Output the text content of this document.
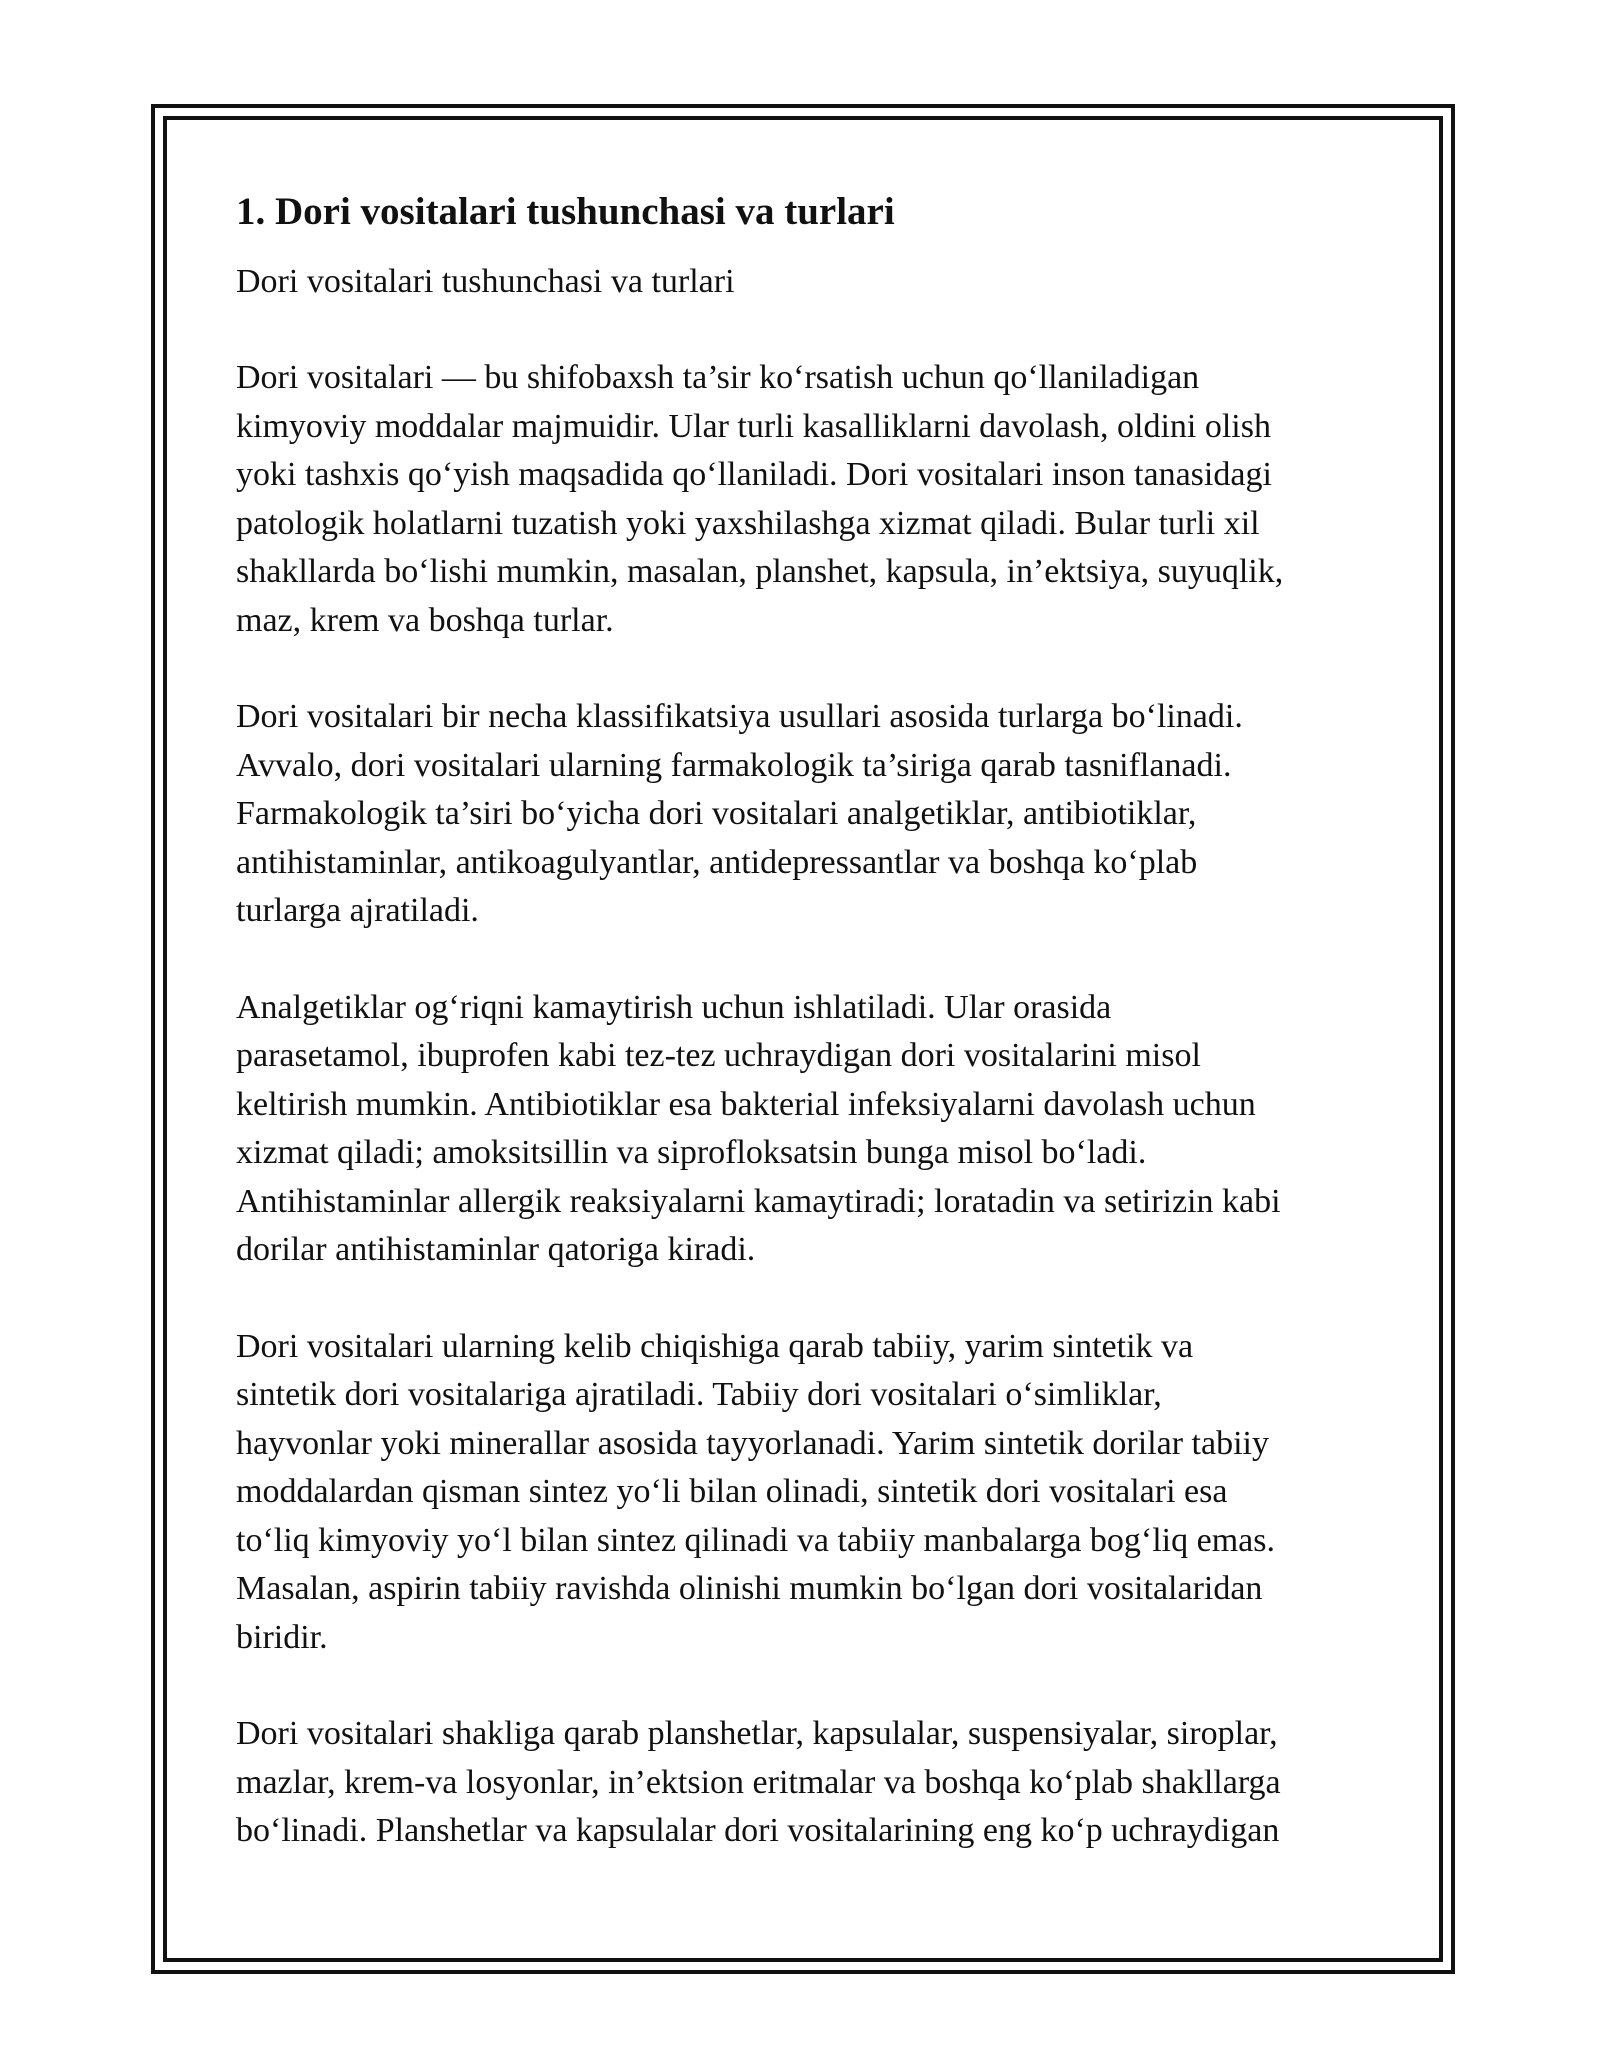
1. Dori vositalari tushunchasi va turlari
Dori vositalari tushunchasi va turlari
Dori vositalari — bu shifobaxsh ta’sir koʻrsatish uchun qoʻllaniladigan
kimyoviy moddalar majmuidir. Ular turli kasalliklarni davolash, oldini olish
yoki tashxis qoʻyish maqsadida qoʻllaniladi. Dori vositalari inson tanasidagi
patologik holatlarni tuzatish yoki yaxshilashga xizmat qiladi. Bular turli xil
shakllarda boʻlishi mumkin, masalan, planshet, kapsula, in’ektsiya, suyuqlik,
maz, krem va boshqa turlar.
Dori vositalari bir necha klassifikatsiya usullari asosida turlarga boʻlinadi.
Avvalo, dori vositalari ularning farmakologik ta’siriga qarab tasniflanadi.
Farmakologik ta’siri boʻyicha dori vositalari analgetiklar, antibiotiklar,
antihistaminlar, antikoagulyantlar, antidepressantlar va boshqa koʻplab
turlarga ajratiladi.
Analgetiklar ogʻriqni kamaytirish uchun ishlatiladi. Ular orasida
parasetamol, ibuprofen kabi tez-tez uchraydigan dori vositalarini misol
keltirish mumkin. Antibiotiklar esa bakterial infeksiyalarni davolash uchun
xizmat qiladi; amoksitsillin va siprofloksatsin bunga misol boʻladi.
Antihistaminlar allergik reaksiyalarni kamaytiradi; loratadin va setirizin kabi
dorilar antihistaminlar qatoriga kiradi.
Dori vositalari ularning kelib chiqishiga qarab tabiiy, yarim sintetik va
sintetik dori vositalariga ajratiladi. Tabiiy dori vositalari oʻsimliklar,
hayvonlar yoki minerallar asosida tayyorlanadi. Yarim sintetik dorilar tabiiy
moddalardan qisman sintez yoʻli bilan olinadi, sintetik dori vositalari esa
toʻliq kimyoviy yoʻl bilan sintez qilinadi va tabiiy manbalarga bogʻliq emas.
Masalan, aspirin tabiiy ravishda olinishi mumkin boʻlgan dori vositalaridan
biridir.
Dori vositalari shakliga qarab planshetlar, kapsulalar, suspensiyalar, siroplar,
mazlar, krem-va losyonlar, in’ektsion eritmalar va boshqa koʻplab shakllarga
boʻlinadi. Planshetlar va kapsulalar dori vositalarining eng koʻp uchraydigan
